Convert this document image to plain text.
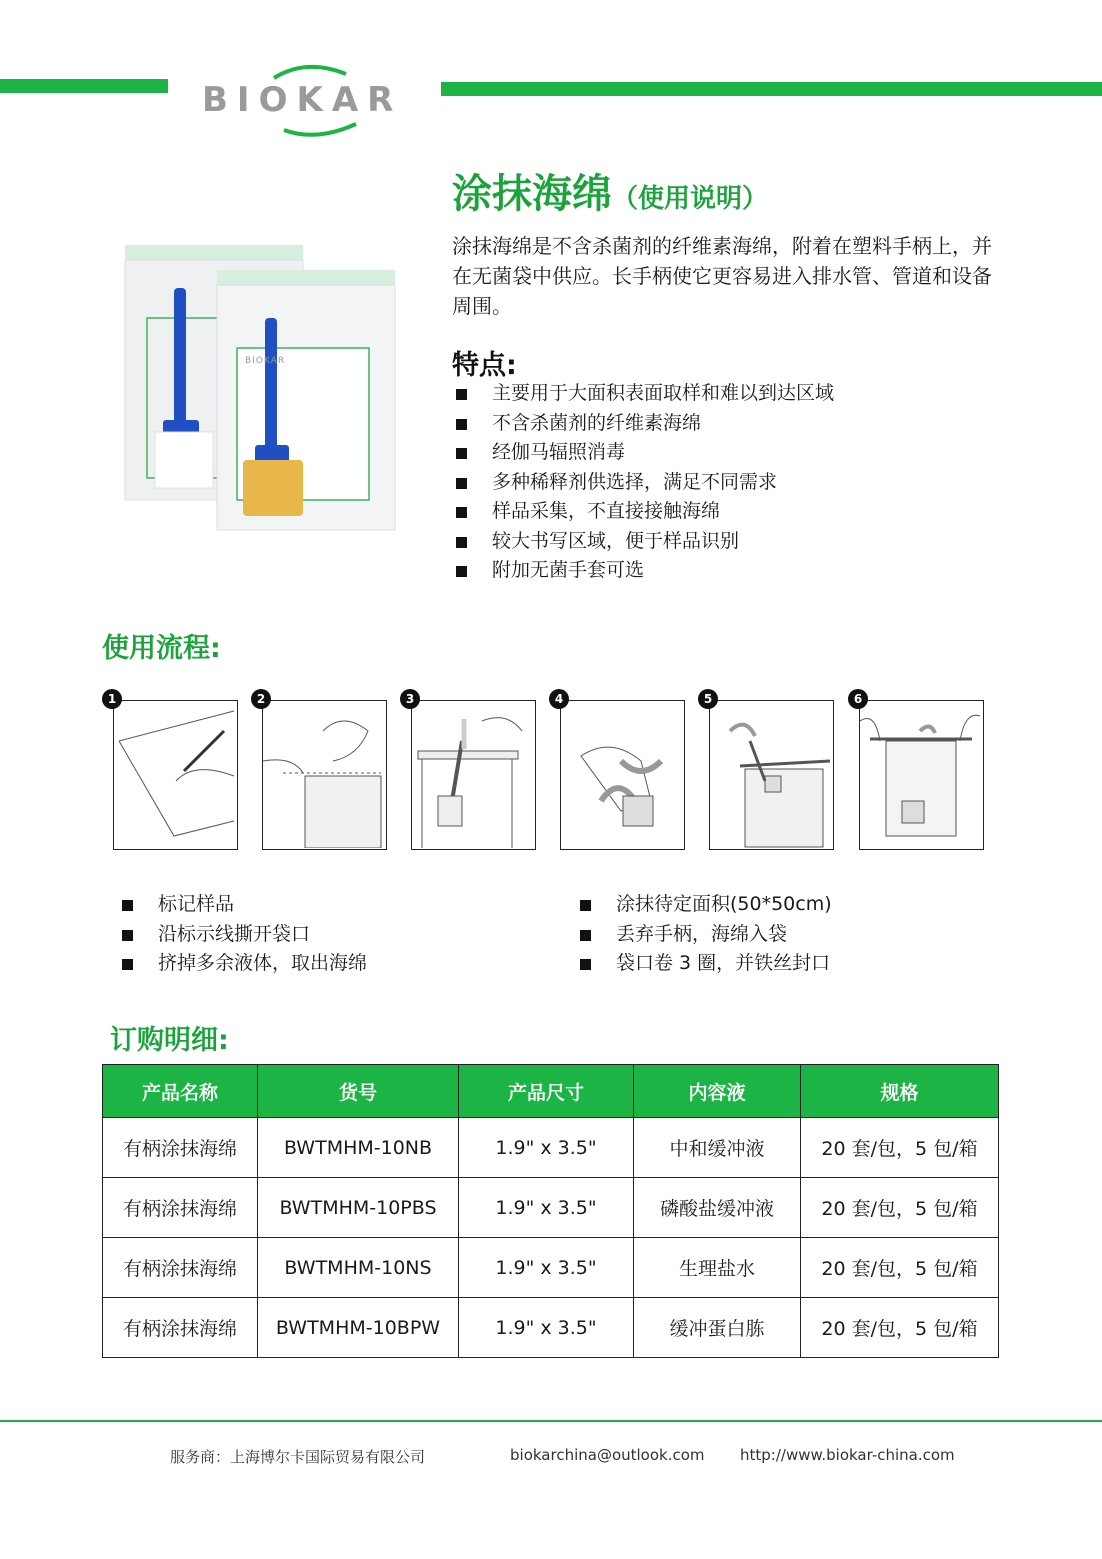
BIOKAR
BIOKAR
涂抹海绵（使用说明）
涂抹海绵是不含杀菌剂的纤维素海绵，附着在塑料手柄上，并在无菌袋中供应。长手柄使它更容易进入排水管、管道和设备周围。
特点:
主要用于大面积表面取样和难以到达区域
不含杀菌剂的纤维素海绵
经伽马辐照消毒
多种稀释剂供选择，满足不同需求
样品采集，不直接接触海绵
较大书写区域，便于样品识别
附加无菌手套可选
使用流程:
1	2	3	4	5	6
标记样品
沿标示线撕开袋口
挤掉多余液体，取出海绵
涂抹待定面积(50*50cm)
丢弃手柄，海绵入袋
袋口卷 3 圈，并铁丝封口
订购明细:
产品名称	货号	产品尺寸	内容液	规格
有柄涂抹海绵	BWTMHM-10NB	1.9" x 3.5"	中和缓冲液	20 套/包，5 包/箱
有柄涂抹海绵	BWTMHM-10PBS	1.9" x 3.5"	磷酸盐缓冲液	20 套/包，5 包/箱
有柄涂抹海绵	BWTMHM-10NS	1.9" x 3.5"	生理盐水	20 套/包，5 包/箱
有柄涂抹海绵	BWTMHM-10BPW	1.9" x 3.5"	缓冲蛋白胨	20 套/包，5 包/箱
服务商：上海博尔卡国际贸易有限公司	biokarchina@outlook.com http://www.biokar-china.com
